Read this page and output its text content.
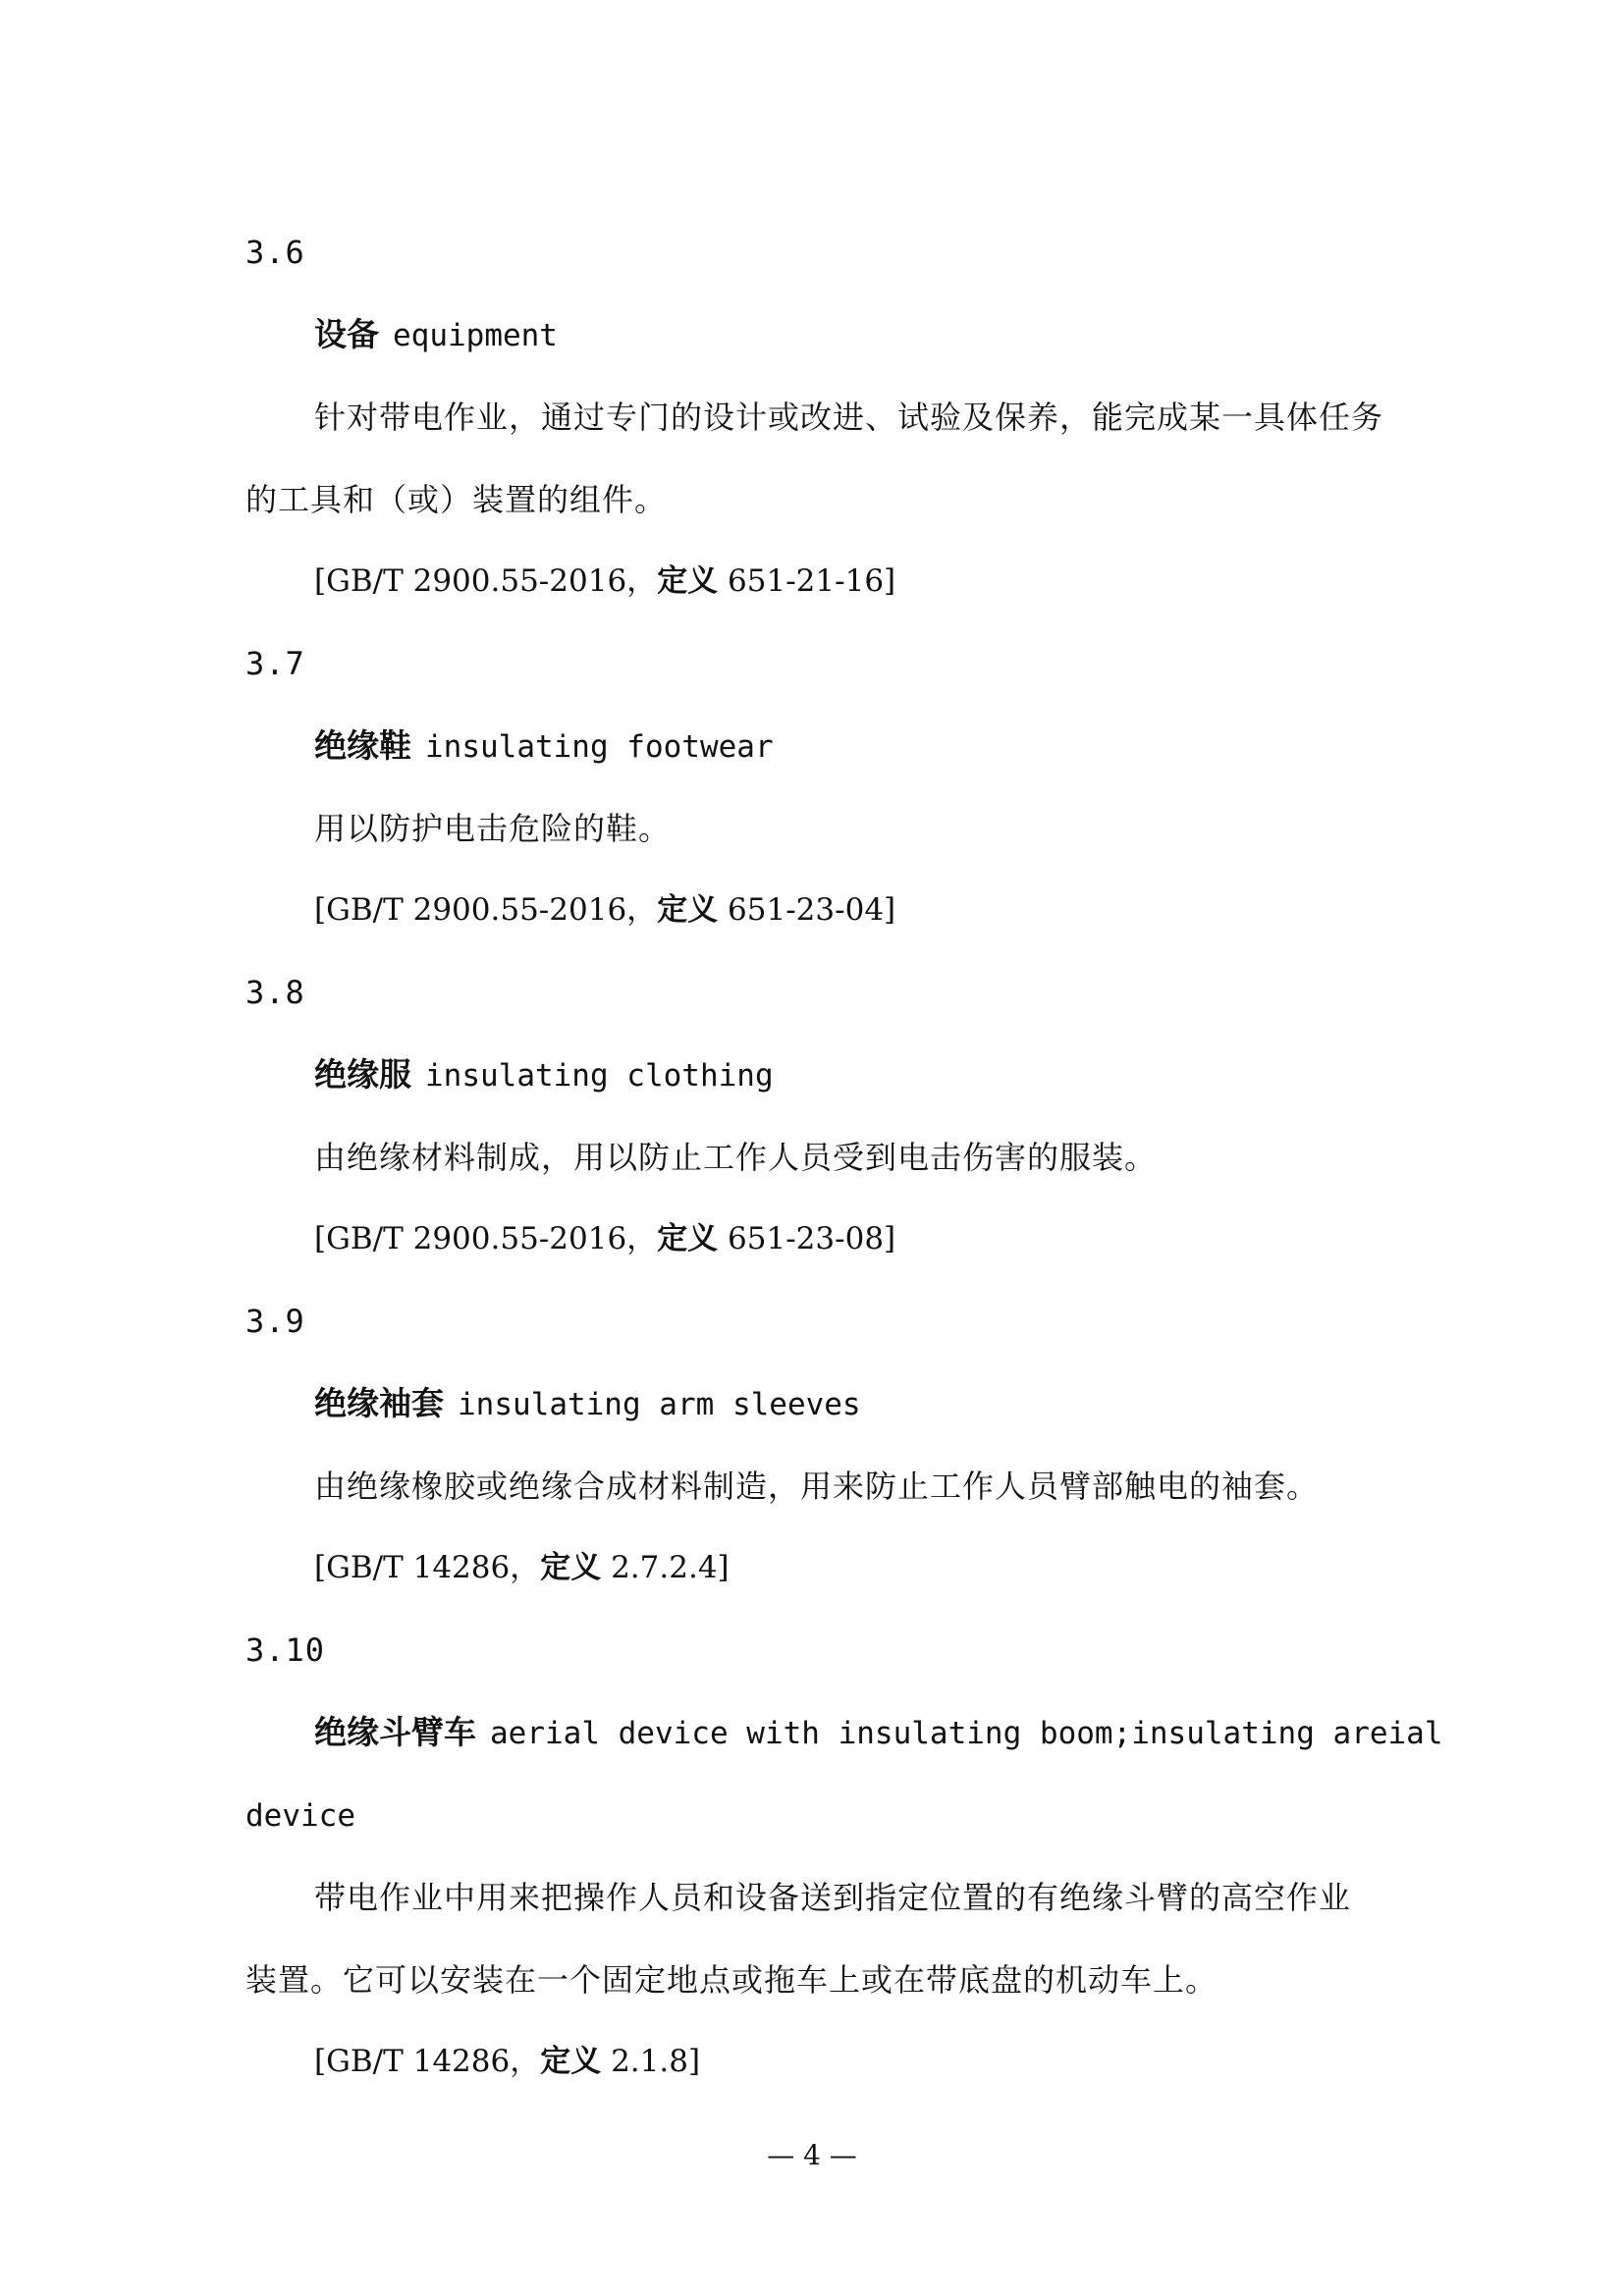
3.6
设备 equipment
针对带电作业，通过专门的设计或改进、试验及保养，能完成某一具体任务
的工具和（或）装置的组件。
[GB/T 2900.55-2016，定义 651-21-16]
3.7
绝缘鞋 insulating footwear
用以防护电击危险的鞋。
[GB/T 2900.55-2016，定义 651-23-04]
3.8
绝缘服 insulating clothing
由绝缘材料制成，用以防止工作人员受到电击伤害的服装。
[GB/T 2900.55-2016，定义 651-23-08]
3.9
绝缘袖套 insulating arm sleeves
由绝缘橡胶或绝缘合成材料制造，用来防止工作人员臂部触电的袖套。
[GB/T 14286，定义 2.7.2.4]
3.10
绝缘斗臂车 aerial device with insulating boom;insulating areial
device
带电作业中用来把操作人员和设备送到指定位置的有绝缘斗臂的高空作业
装置。它可以安装在一个固定地点或拖车上或在带底盘的机动车上。
[GB/T 14286，定义 2.1.8]
— 4 —
